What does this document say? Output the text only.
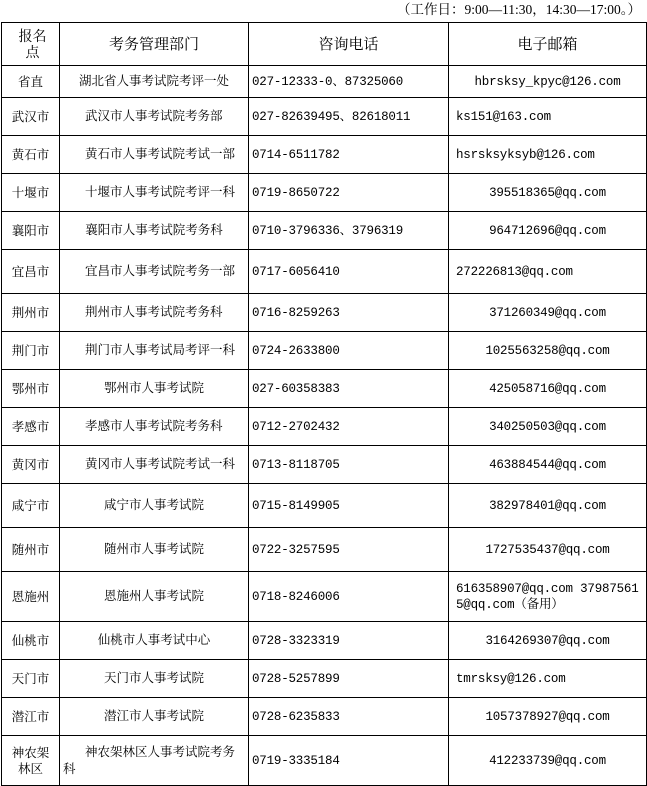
（工作日：9:00—11:30，14:30—17:00。）
报名点	考务管理部门	咨询电话	电子邮箱
省直	湖北省人事考试院考评一处	027-12333-0、87325060	hbrsksy_kpyc@126.com
武汉市	武汉市人事考试院考务部	027-82639495、82618011	ks151@163.com
黄石市	黄石市人事考试院考试一部	0714-6511782	hsrsksyksyb@126.com
十堰市	十堰市人事考试院考评一科	0719-8650722	395518365@qq.com
襄阳市	襄阳市人事考试院考务科	0710-3796336、3796319	964712696@qq.com
宜昌市	宜昌市人事考试院考务一部	0717-6056410	272226813@qq.com
荆州市	荆州市人事考试院考务科	0716-8259263	371260349@qq.com
荆门市	荆门市人事考试局考评一科	0724-2633800	1025563258@qq.com
鄂州市	鄂州市人事考试院	027-60358383	425058716@qq.com
孝感市	孝感市人事考试院考务科	0712-2702432	340250503@qq.com
黄冈市	黄冈市人事考试院考试一科	0713-8118705	463884544@qq.com
咸宁市	咸宁市人事考试院	0715-8149905	382978401@qq.com
随州市	随州市人事考试院	0722-3257595	1727535437@qq.com
恩施州	恩施州人事考试院	0718-8246006	616358907@qq.com 379875615@qq.com（备用）
仙桃市	仙桃市人事考试中心	0728-3323319	3164269307@qq.com
天门市	天门市人事考试院	0728-5257899	tmrsksy@126.com
潜江市	潜江市人事考试院	0728-6235833	1057378927@qq.com
神农架林区	神农架林区人事考试院考务科	0719-3335184	412233739@qq.com
